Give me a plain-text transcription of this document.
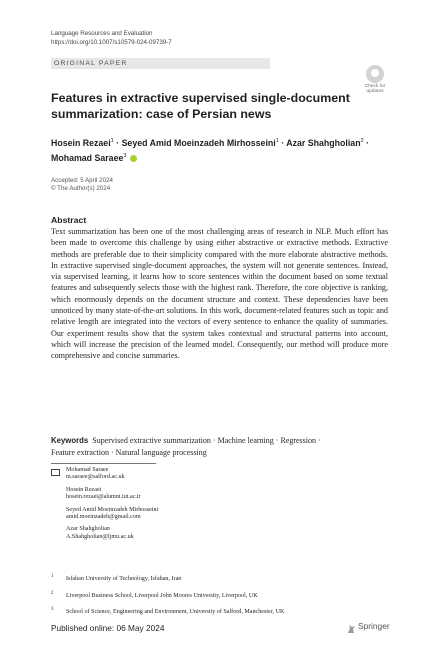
Language Resources and Evaluation
https://doi.org/10.1007/s10579-024-09739-7
ORIGINAL PAPER
Check for
updates
Features in extractive supervised single-document
summarization: case of Persian news
Hosein Rezaei$^1$ · Seyed Amid Moeinzadeh Mirhosseini$^1$ · Azar Shahgholian$^2$ ·
Mohamad Saraee$^3$
Accepted: 5 April 2024
© The Author(s) 2024
Abstract
Text summarization has been one of the most challenging areas of research in NLP. Much effort has been made to overcome this challenge by using either abstractive or extractive methods. Extractive methods are preferable due to their simplicity compared with the more elaborate abstractive methods. In extractive supervised single-document approaches, the system will not generate sentences. Instead, via supervised learning, it learns how to score sentences within the document based on some textual features and subsequently selects those with the highest rank. Therefore, the core objective is ranking, which enormously depends on the document structure and context. These dependencies have been unnoticed by many state-of-the-art solutions. In this work, document-related features such as topic and relative length are integrated into the vectors of every sentence to enhance the quality of summaries. Our experiment results show that the system takes contextual and structural patterns into account, which will increase the precision of the learned model. Consequently, our method will produce more comprehensive and concise summaries.
Keywords Supervised extractive summarization · Machine learning · Regression ·
Feature extraction · Natural language processing
Mohamad Saraee
m.saraee@salford.ac.uk
Hosein Rezaei
hosein.rezaei@alumni.iut.ac.ir
Seyed Amid Moeinzadeh Mirhosseini
amid.moeinzadeh@gmail.com
Azar Shahgholian
A.Shahgholian@ljmu.ac.uk
1 Isfahan University of Technology, Isfahan, Iran
2 Liverpool Business School, Liverpool John Moores University, Liverpool, UK
3 School of Science, Engineering and Environment, University of Salford, Manchester, UK
Published online: 06 May 2024	Springer
